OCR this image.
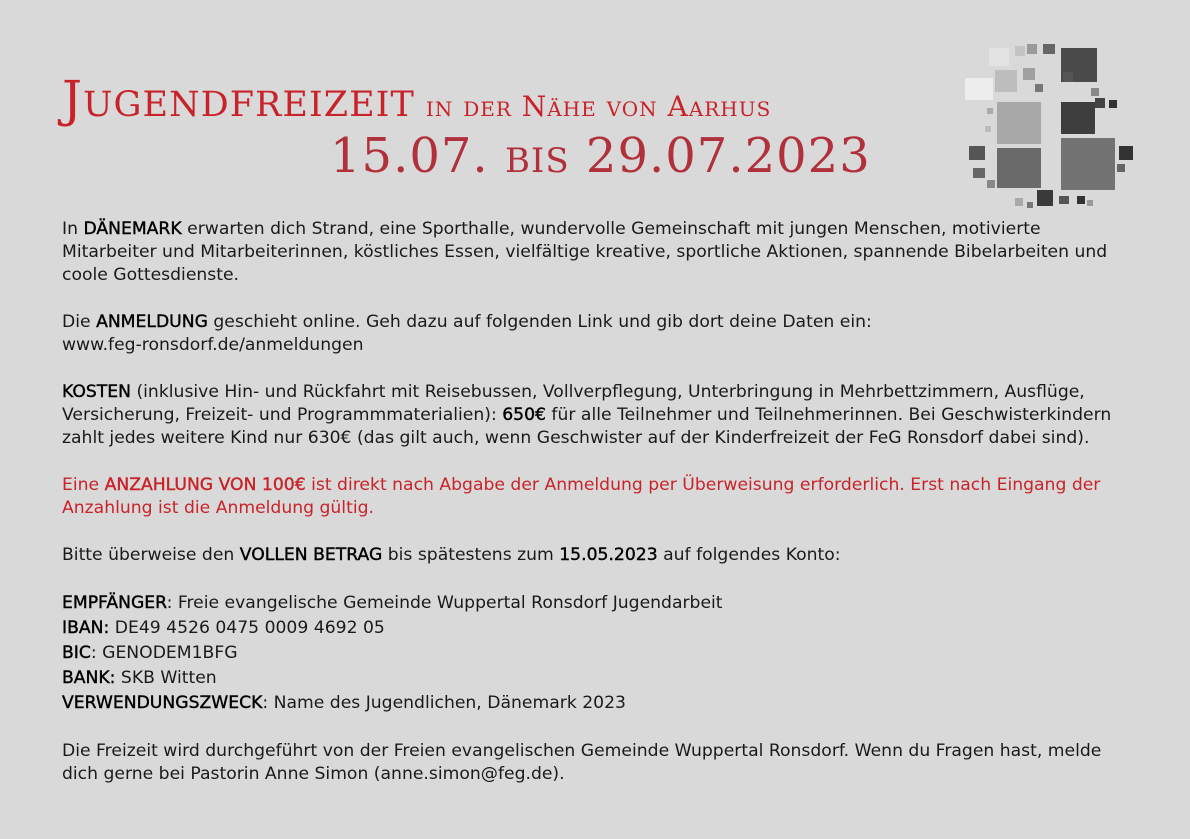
Jugendfreizeit in der Nähe von Aarhus
15.07. bis 29.07.2023

In DÄNEMARK erwarten dich Strand, eine Sporthalle, wundervolle Gemeinschaft mit jungen Menschen, motivierte Mitarbeiter und Mitarbeiterinnen, köstliches Essen, vielfältige kreative, sportliche Aktionen, spannende Bibelarbeiten und coole Gottesdienste.

Die ANMELDUNG geschieht online. Geh dazu auf folgenden Link und gib dort deine Daten ein:
www.feg-ronsdorf.de/anmeldungen

KOSTEN (inklusive Hin- und Rückfahrt mit Reisebussen, Vollverpflegung, Unterbringung in Mehrbettzimmern, Ausflüge, Versicherung, Freizeit- und Programmmaterialien): 650€ für alle Teilnehmer und Teilnehmerinnen. Bei Geschwisterkindern zahlt jedes weitere Kind nur 630€ (das gilt auch, wenn Geschwister auf der Kinderfreizeit der FeG Ronsdorf dabei sind).

Eine ANZAHLUNG VON 100€ ist direkt nach Abgabe der Anmeldung per Überweisung erforderlich. Erst nach Eingang der Anzahlung ist die Anmeldung gültig.

Bitte überweise den VOLLEN BETRAG bis spätestens zum 15.05.2023 auf folgendes Konto:

EMPFÄNGER: Freie evangelische Gemeinde Wuppertal Ronsdorf Jugendarbeit
IBAN: DE49 4526 0475 0009 4692 05
BIC: GENODEM1BFG
BANK: SKB Witten
VERWENDUNGSZWECK: Name des Jugendlichen, Dänemark 2023

Die Freizeit wird durchgeführt von der Freien evangelischen Gemeinde Wuppertal Ronsdorf. Wenn du Fragen hast, melde dich gerne bei Pastorin Anne Simon (anne.simon@feg.de).
